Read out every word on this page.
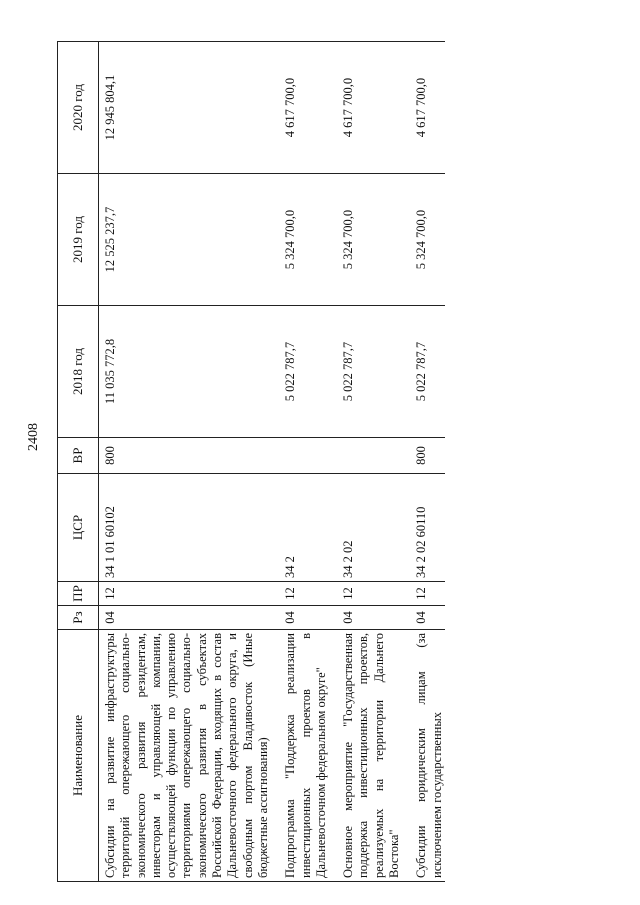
2408
Наименование	Рз	ПР	ЦСР	ВР	2018 год	2019 год	2020 год
Субсидии на развитие инфраструктуры территорий опережающего социально-экономического развития резидентам, инвесторам и управляющей компании, осуществляющей функции по управлению территориями опережающего социально-экономического развития в субъектах Российской Федерации, входящих в состав Дальневосточного федерального округа, и свободным портом Владивосток (Иные бюджетные ассигнования)	04	12	34 1 01 60102	800	11 035 772,8	12 525 237,7	12 945 804,1

Подпрограмма "Поддержка реализации инвестиционных проектов в Дальневосточном федеральном округе"	04	12	34 2		5 022 787,7	5 324 700,0	4 617 700,0

Основное мероприятие "Государственная поддержка инвестиционных проектов, реализуемых на территории Дальнего Востока"	04	12	34 2 02		5 022 787,7	5 324 700,0	4 617 700,0

Субсидии юридическим лицам (за исключением государственных	04	12	34 2 02 60110	800	5 022 787,7	5 324 700,0	4 617 700,0
